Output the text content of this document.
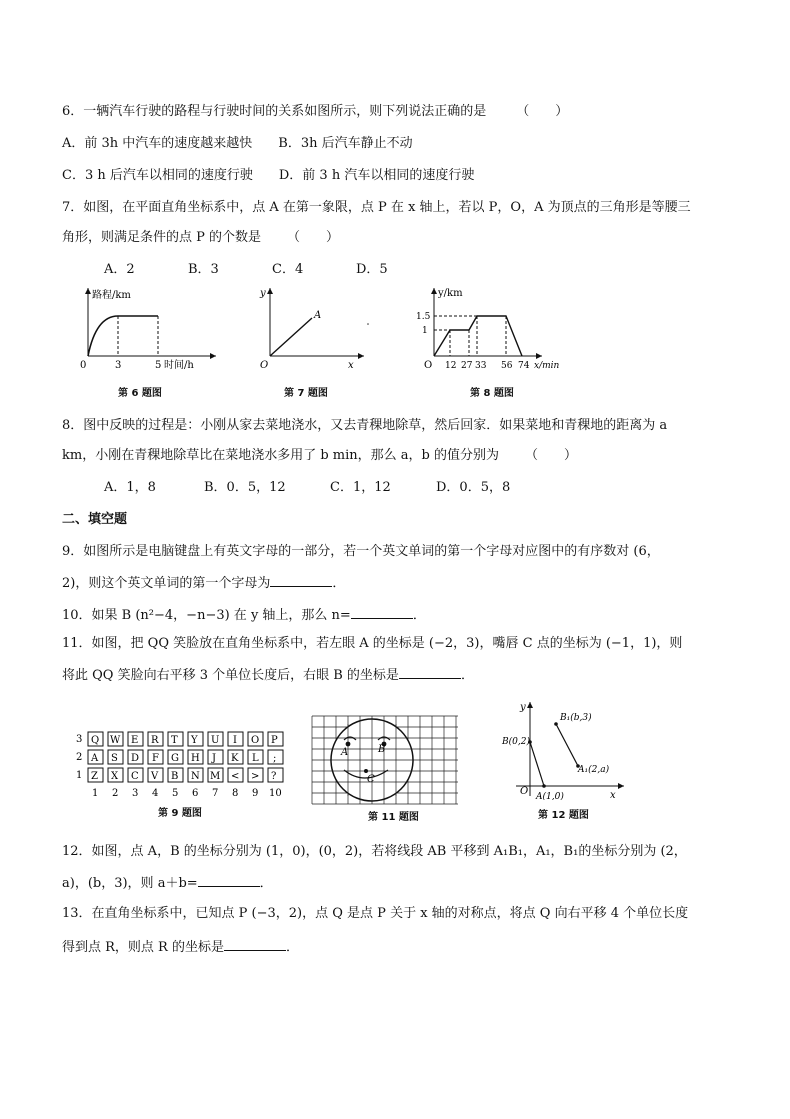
6．一辆汽车行驶的路程与行驶时间的关系如图所示，则下列说法正确的是 （　　）
A．前 3h 中汽车的速度越来越快 B．3h 后汽车静止不动
C．3 h 后汽车以相同的速度行驶 D．前 3 h 汽车以相同的速度行驶
7．如图，在平面直角坐标系中，点 A 在第一象限，点 P 在 x 轴上，若以 P，O，A 为顶点的三角形是等腰三
角形，则满足条件的点 P 的个数是 （　　）
A．2	B．3	C．4	D．5
路程/km
0	3	5 时间/h
第 6 题图
y
A
O	x
第 7 题图
y/km
1.5
1
O 12 27 33 56 74 x/min
第 8 题图
8．图中反映的过程是：小刚从家去菜地浇水，又去青稞地除草，然后回家．如果菜地和青稞地的距离为 a
km，小刚在青稞地除草比在菜地浇水多用了 b min，那么 a，b 的值分别为 （　　）
A．1，8	B．0．5，12	C．1，12	D．0．5，8
二、填空题
9．如图所示是电脑键盘上有英文字母的一部分，若一个英文单词的第一个字母对应图中的有序数对 (6，
2)，则这个英文单词的第一个字母为	．
10．如果 B (n²−4，−n−3) 在 y 轴上，那么 n=	．
11．如图，把 QQ 笑脸放在直角坐标系中，若左眼 A 的坐标是 (−2，3)，嘴唇 C 点的坐标为 (−1，1)，则
将此 QQ 笑脸向右平移 3 个单位长度后，右眼 B 的坐标是	．
3 Q W E R T Y U I O P
2 A S D F G H J K L ;
1 Z X C V B N M < > ?
1 2 3 4 5 6 7 8 9 10
第 9 题图
A	B
C
第 11 题图
y
B₁(b,3)
B(0,2)
A₁(2,a)
O A(1,0)	x
第 12 题图
12．如图，点 A，B 的坐标分别为 (1，0)，(0，2)，若将线段 AB 平移到 A₁B₁，A₁，B₁的坐标分别为 (2，
a)，(b，3)，则 a＋b=	．
13．在直角坐标系中，已知点 P (−3，2)，点 Q 是点 P 关于 x 轴的对称点，将点 Q 向右平移 4 个单位长度
得到点 R，则点 R 的坐标是	．
